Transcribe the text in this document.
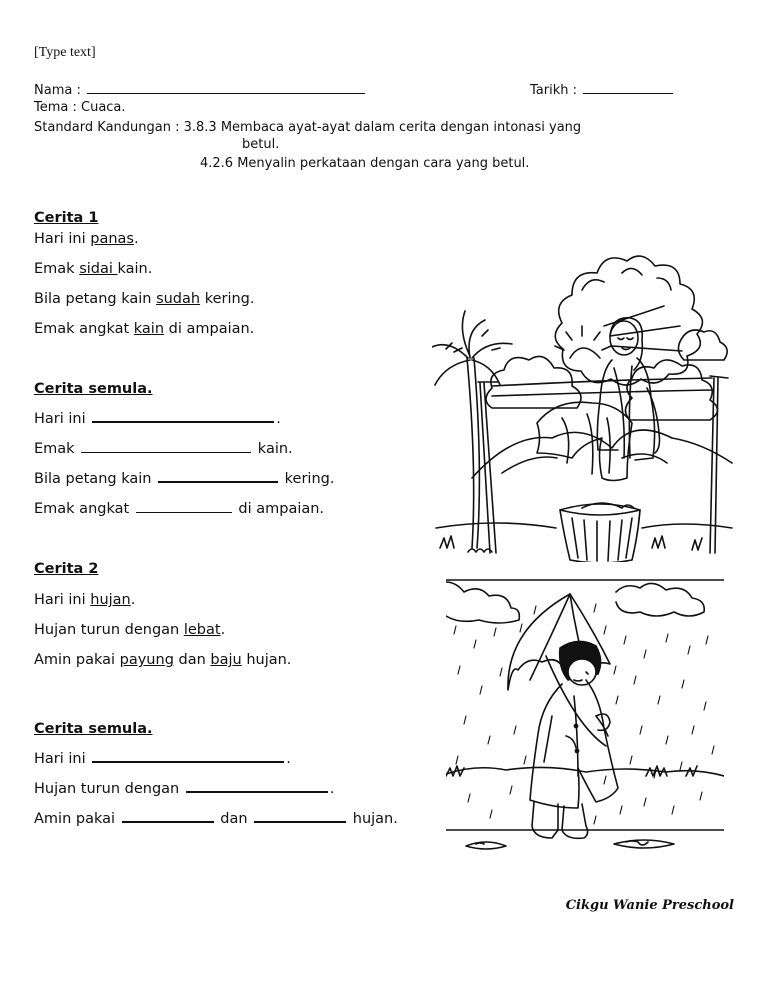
[Type text]
Nama :	Tarikh :
Tema : Cuaca.
Standard Kandungan : 3.8.3 Membaca ayat-ayat dalam cerita dengan intonasi yang
betul.
4.2.6 Menyalin perkataan dengan cara yang betul.
Cerita 1
Hari ini panas.
Emak sidai kain.
Bila petang kain sudah kering.
Emak angkat kain di ampaian.
Cerita semula.
Hari ini	.
Emak	kain.
Bila petang kain	kering.
Emak angkat	di ampaian.
Cerita 2
Hari ini hujan.
Hujan turun dengan lebat.
Amin pakai payung dan baju hujan.
Cerita semula.
Hari ini	.
Hujan turun dengan	.
Amin pakai	dan	hujan.
Cikgu Wanie Preschool
